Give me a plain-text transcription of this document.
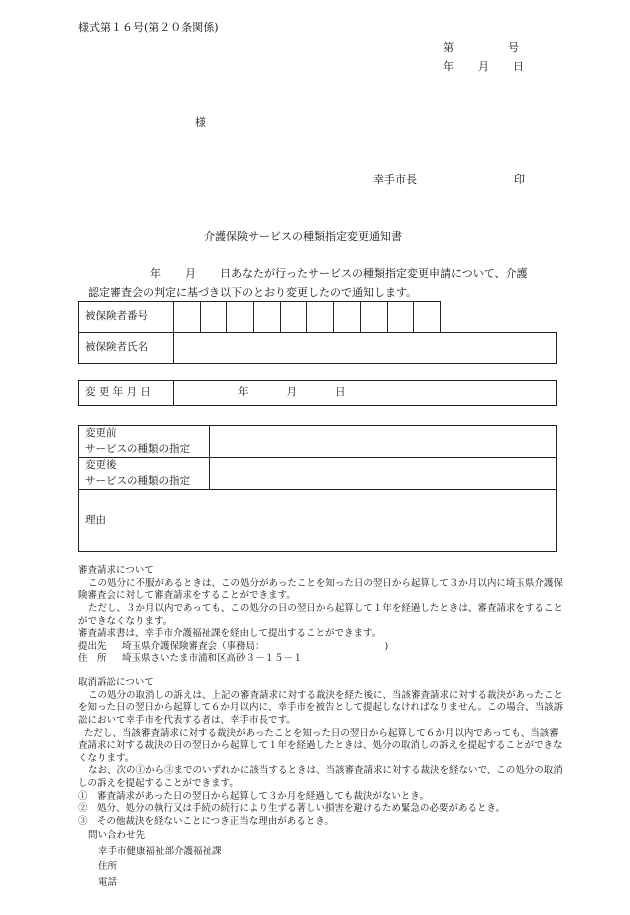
様式第１６号(第２０条関係)
第	号
年 月 日
様
幸手市長	印
介護保険サービスの種類指定変更通知書
年 月 日あなたが行ったサービスの種類指定変更申請について、介護
認定審査会の判定に基づき以下のとおり変更したので通知します。
被保険者番号											
被保険者氏名											
変 更 年 月 日	年	月	日
変更前
サービスの種類の指定	

変更後
サービスの種類の指定	

理由	
審査請求について
この処分に不服があるときは、この処分があったことを知った日の翌日から起算して３か月以内に埼玉県介護保険審査会に対して審査請求をすることができます。
ただし、３か月以内であっても、この処分の日の翌日から起算して１年を経過したときは、審査請求をすることができなくなります。
審査請求書は、幸手市介護福祉課を経由して提出することができます。
提出先 埼玉県介護保険審査会（事務局：	)
住　所 埼玉県さいたま市浦和区高砂３－１５－１
取消訴訟について
この処分の取消しの訴えは、上記の審査請求に対する裁決を経た後に、当該審査請求に対する裁決があったことを知った日の翌日から起算して６か月以内に、幸手市を被告として提起しなければなりません。この場合、当該訴訟において幸手市を代表する者は、幸手市長です。
ただし、当該審査請求に対する裁決があったことを知った日の翌日から起算して６か月以内であっても、当該審査請求に対する裁決の日の翌日から起算して１年を経過したときは、処分の取消しの訴えを提起することができなくなります。
なお、次の①から③までのいずれかに該当するときは、当該審査請求に対する裁決を経ないで、この処分の取消しの訴えを提起することができます。
①　審査請求があった日の翌日から起算して３か月を経過しても裁決がないとき。
②　処分、処分の執行又は手続の続行により生ずる著しい損害を避けるため緊急の必要があるとき。
③　その他裁決を経ないことにつき正当な理由があるとき。
問い合わせ先
幸手市健康福祉部介護福祉課
住所
電話
